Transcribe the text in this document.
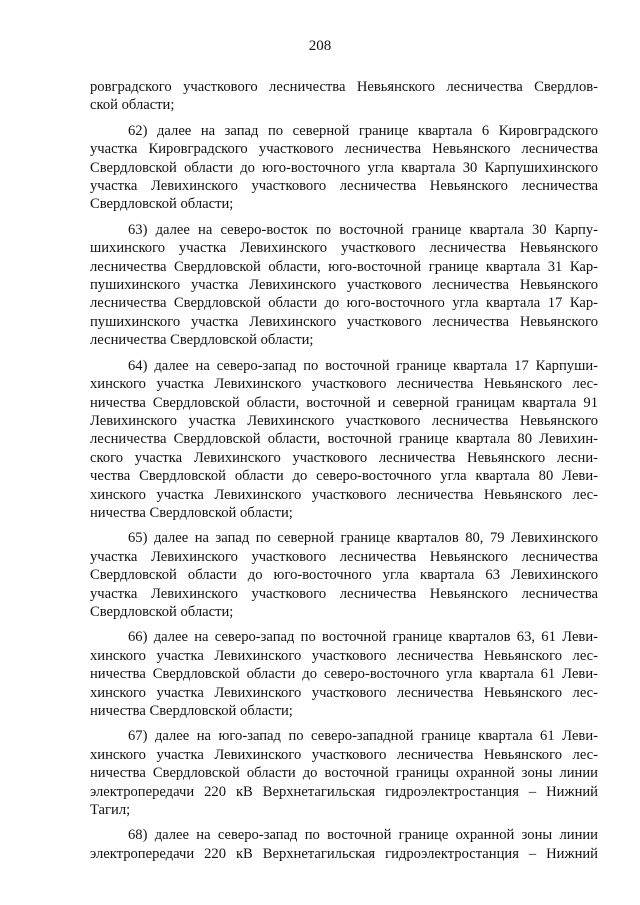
208
ровградского участкового лесничества Невьянского лесничества Свердлов-
ской области;
62) далее на запад по северной границе квартала 6 Кировградского
участка Кировградского участкового лесничества Невьянского лесничества
Свердловской области до юго-восточного угла квартала 30 Карпушихинского
участка Левихинского участкового лесничества Невьянского лесничества
Свердловской области;
63) далее на северо-восток по восточной границе квартала 30 Карпу-
шихинского участка Левихинского участкового лесничества Невьянского
лесничества Свердловской области, юго-восточной границе квартала 31 Кар-
пушихинского участка Левихинского участкового лесничества Невьянского
лесничества Свердловской области до юго-восточного угла квартала 17 Кар-
пушихинского участка Левихинского участкового лесничества Невьянского
лесничества Свердловской области;
64) далее на северо-запад по восточной границе квартала 17 Карпуши-
хинского участка Левихинского участкового лесничества Невьянского лес-
ничества Свердловской области, восточной и северной границам квартала 91
Левихинского участка Левихинского участкового лесничества Невьянского
лесничества Свердловской области, восточной границе квартала 80 Левихин-
ского участка Левихинского участкового лесничества Невьянского лесни-
чества Свердловской области до северо-восточного угла квартала 80 Леви-
хинского участка Левихинского участкового лесничества Невьянского лес-
ничества Свердловской области;
65) далее на запад по северной границе кварталов 80, 79 Левихинского
участка Левихинского участкового лесничества Невьянского лесничества
Свердловской области до юго-восточного угла квартала 63 Левихинского
участка Левихинского участкового лесничества Невьянского лесничества
Свердловской области;
66) далее на северо-запад по восточной границе кварталов 63, 61 Леви-
хинского участка Левихинского участкового лесничества Невьянского лес-
ничества Свердловской области до северо-восточного угла квартала 61 Леви-
хинского участка Левихинского участкового лесничества Невьянского лес-
ничества Свердловской области;
67) далее на юго-запад по северо-западной границе квартала 61 Леви-
хинского участка Левихинского участкового лесничества Невьянского лес-
ничества Свердловской области до восточной границы охранной зоны линии
электропередачи 220 кВ Верхнетагильская гидроэлектростанция – Нижний
Тагил;
68) далее на северо-запад по восточной границе охранной зоны линии
электропередачи 220 кВ Верхнетагильская гидроэлектростанция – Нижний
